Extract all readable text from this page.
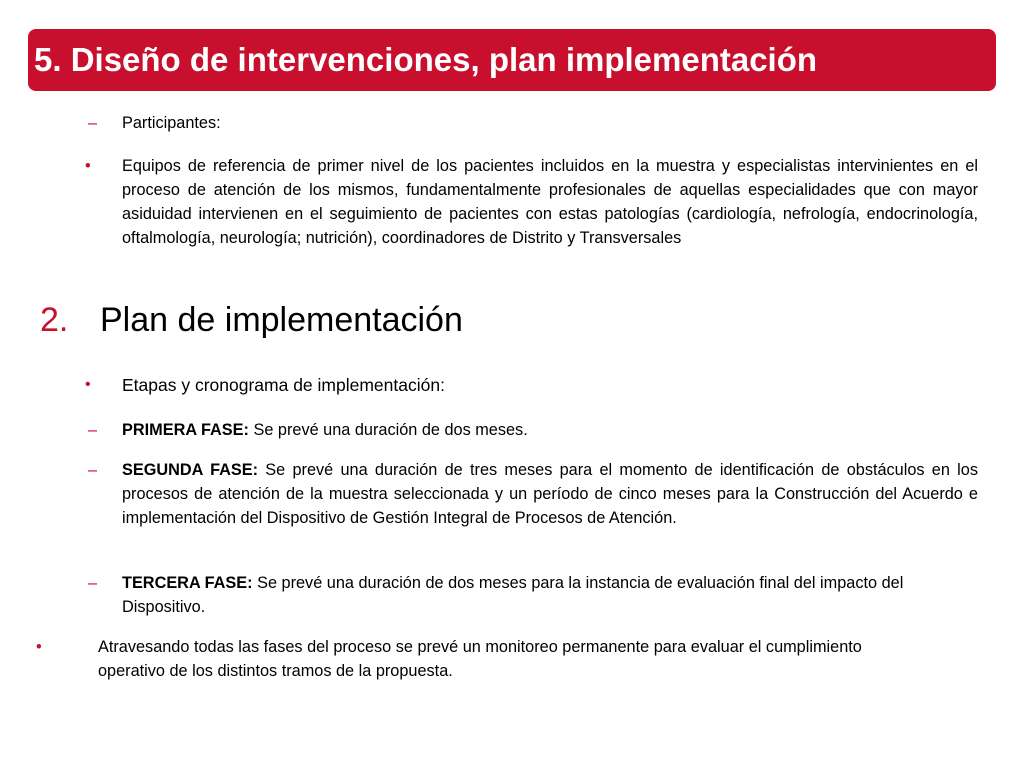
5. Diseño de intervenciones, plan implementación
– Participantes:
• Equipos de referencia de primer nivel de los pacientes incluidos en la muestra y especialistas intervinientes en el proceso de atención de los mismos, fundamentalmente profesionales de aquellas especialidades que con mayor asiduidad intervienen en el seguimiento de pacientes con estas patologías (cardiología, nefrología, endocrinología, oftalmología, neurología; nutrición), coordinadores de Distrito y Transversales
2. Plan de implementación
• Etapas y cronograma de implementación:
– PRIMERA FASE: Se prevé una duración de dos meses.
– SEGUNDA FASE: Se prevé una duración de tres meses para el momento de identificación de obstáculos en los procesos de atención de la muestra seleccionada y un período de cinco meses para la Construcción del Acuerdo e implementación del Dispositivo de Gestión Integral de Procesos de Atención.
– TERCERA FASE: Se prevé una duración de dos meses para la instancia de evaluación final del impacto del Dispositivo.
•	Atravesando todas las fases del proceso se prevé un monitoreo permanente para evaluar el cumplimiento operativo de los distintos tramos de la propuesta.
